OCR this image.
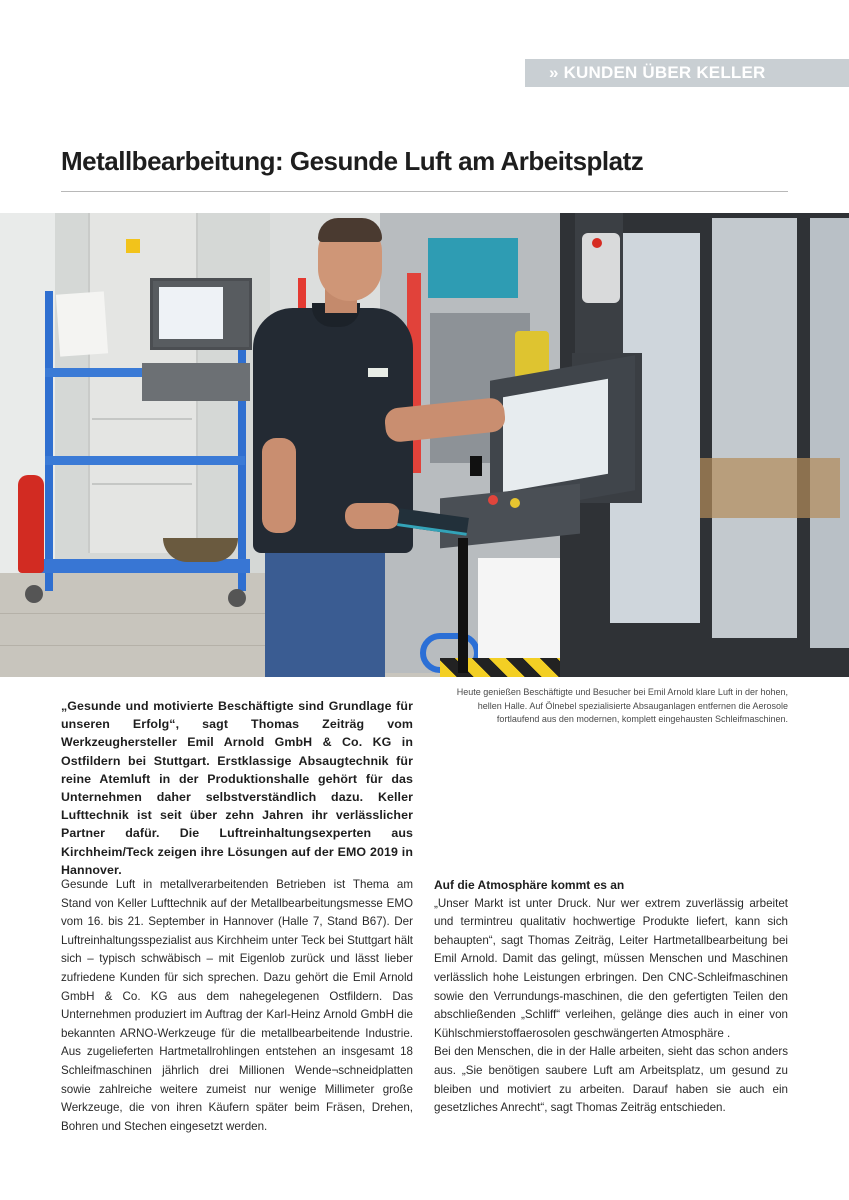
» KUNDEN ÜBER KELLER
Metallbearbeitung: Gesunde Luft am Arbeitsplatz

Heute genießen Beschäftigte und Besucher bei Emil Arnold klare Luft in der hohen, hellen Halle. Auf Ölnebel spezialisierte Absauganlagen entfernen die Aerosole fortlaufend aus den modernen, komplett eingehausten Schleifmaschinen.

„Gesunde und motivierte Beschäftigte sind Grundlage für unseren Erfolg“, sagt Thomas Zeiträg vom Werkzeughersteller Emil Arnold GmbH & Co. KG in Ostfildern bei Stuttgart. Erstklassige Absaugtechnik für reine Atemluft in der Produktionshalle gehört für das Unternehmen daher selbstverständlich dazu. Keller Lufttechnik ist seit über zehn Jahren ihr verlässlicher Partner dafür. Die Luftreinhaltungsexperten aus Kirchheim/Teck zeigen ihre Lösungen auf der EMO 2019 in Hannover.

Gesunde Luft in metallverarbeitenden Betrieben ist Thema am Stand von Keller Lufttechnik auf der Metallbearbeitungsmesse EMO vom 16. bis 21. September in Hannover (Halle 7, Stand B67). Der Luftreinhaltungsspezialist aus Kirchheim unter Teck bei Stuttgart hält sich – typisch schwäbisch – mit Eigenlob zurück und lässt lieber zufriedene Kunden für sich sprechen. Dazu gehört die Emil Arnold GmbH & Co. KG aus dem nahegelegenen Ostfildern. Das Unternehmen produziert im Auftrag der Karl-Heinz Arnold GmbH die bekannten ARNO-Werkzeuge für die metallbearbeitende Industrie. Aus zugelieferten Hartmetallrohlingen entstehen an insgesamt 18 Schleifmaschinen jährlich drei Millionen Wende¬schneidplatten sowie zahlreiche weitere zumeist nur wenige Millimeter große Werkzeuge, die von ihren Käufern später beim Fräsen, Drehen, Bohren und Stechen eingesetzt werden.

Auf die Atmosphäre kommt es an

„Unser Markt ist unter Druck. Nur wer extrem zuverlässig arbeitet und termintreu qualitativ hochwertige Produkte liefert, kann sich behaupten“, sagt Thomas Zeiträg, Leiter Hartmetallbearbeitung bei Emil Arnold. Damit das gelingt, müssen Menschen und Maschinen verlässlich hohe Leistungen erbringen. Den CNC-Schleifmaschinen sowie den Verrundungs-maschinen, die den gefertigten Teilen den abschließenden „Schliff“ verleihen, gelänge dies auch in einer von Kühlschmierstoffaerosolen geschwängerten Atmosphäre .

Bei den Menschen, die in der Halle arbeiten, sieht das schon anders aus. „Sie benötigen saubere Luft am Arbeitsplatz, um gesund zu bleiben und motiviert zu arbeiten. Darauf haben sie auch ein gesetzliches Anrecht“, sagt Thomas Zeiträg entschieden.
